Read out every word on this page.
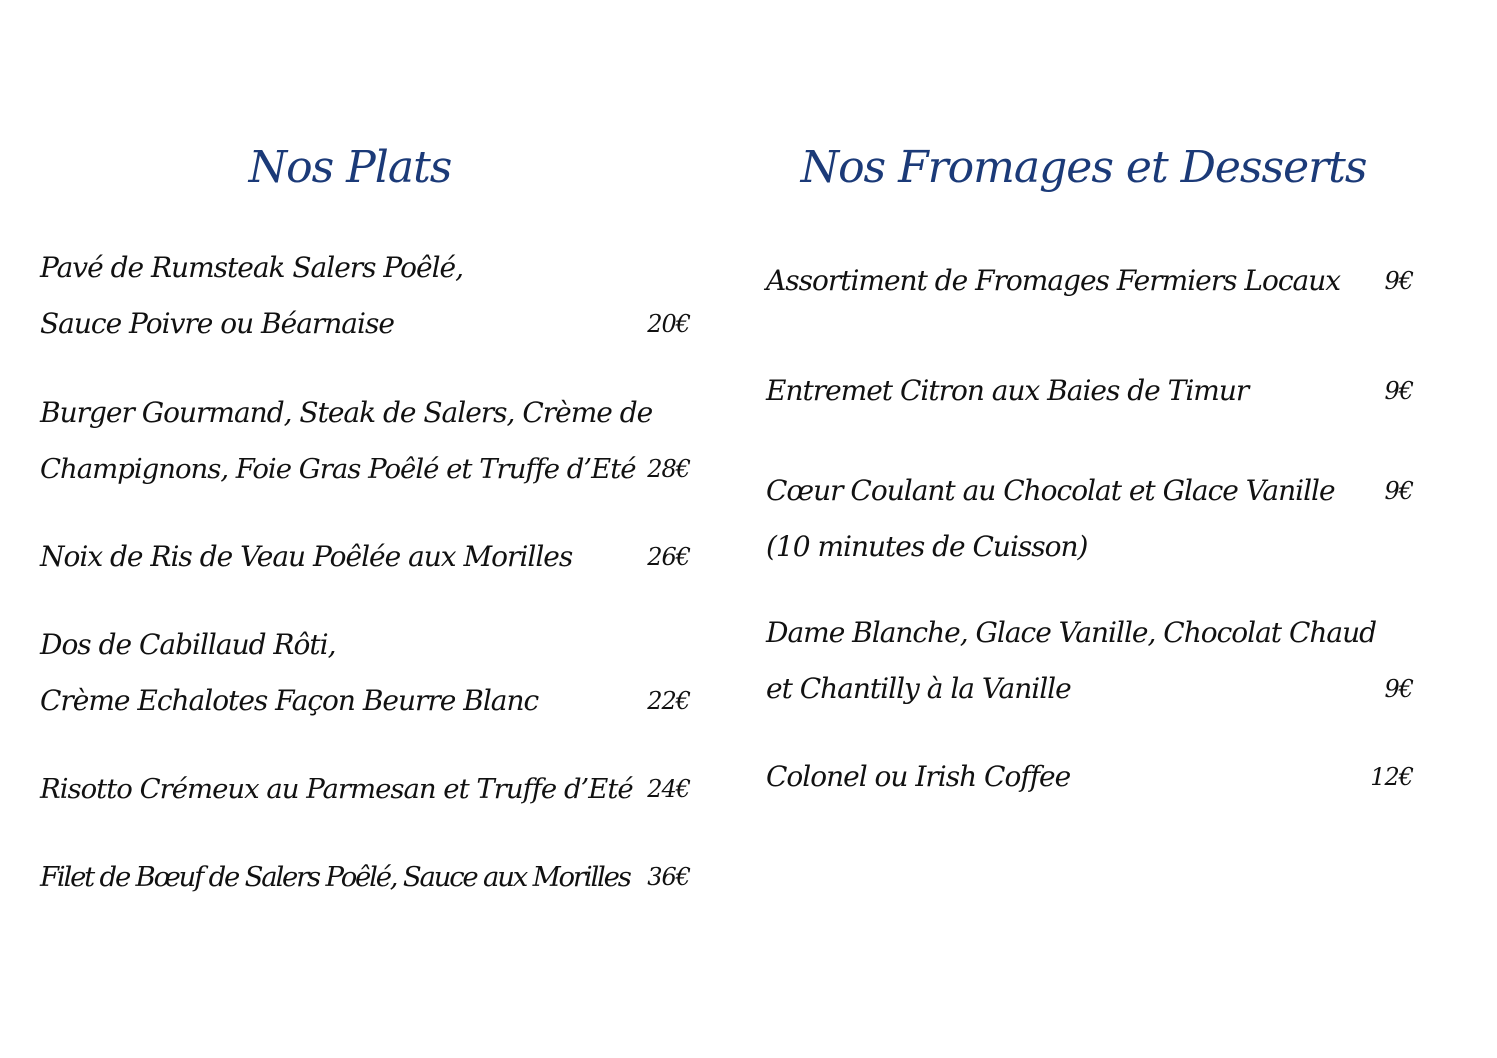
Nos Plats
Pavé de Rumsteak Salers Poêlé,
Sauce Poivre ou Béarnaise	20€
Burger Gourmand, Steak de Salers, Crème de
Champignons, Foie Gras Poêlé et Truffe d’Eté 28€
Noix de Ris de Veau Poêlée aux Morilles	26€
Dos de Cabillaud Rôti,
Crème Echalotes Façon Beurre Blanc	22€
Risotto Crémeux au Parmesan et Truffe d’Eté 24€
Filet de Bœuf de Salers Poêlé, Sauce aux Morilles 36€
Nos Fromages et Desserts
Assortiment de Fromages Fermiers Locaux 9€
Entremet Citron aux Baies de Timur	9€
Cœur Coulant au Chocolat et Glace Vanille 9€
(10 minutes de Cuisson)
Dame Blanche, Glace Vanille, Chocolat Chaud
et Chantilly à la Vanille	9€
Colonel ou Irish Coffee	12€
